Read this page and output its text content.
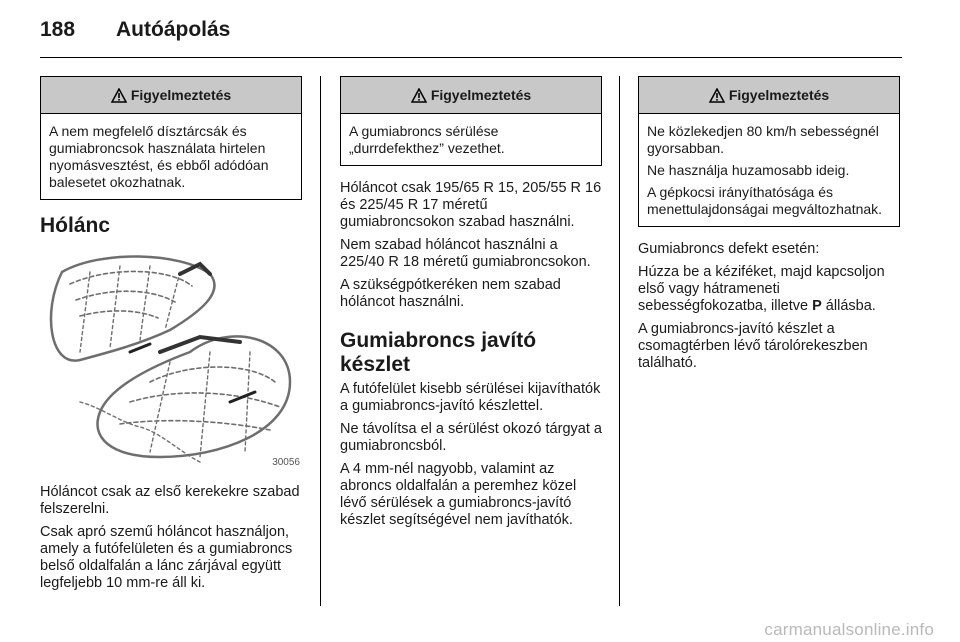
188 Autóápolás
Figyelmeztetés

A nem megfelelő dísztárcsák és gumiabroncsok használata hirtelen nyomásvesztést, és ebből adódóan balesetet okozhatnak.

Hólánc
30056

Hóláncot csak az első kerekekre szabad felszerelni.

Csak apró szemű hóláncot használjon, amely a futófelületen és a gumiabroncs belső oldalfalán a lánc zárjával együtt legfeljebb 10 mm-re áll ki.

Figyelmeztetés

A gumiabroncs sérülése „durrdefekthez” vezethet.

Hóláncot csak 195/65 R 15, 205/55 R 16 és 225/45 R 17 méretű gumiabroncsokon szabad használni.

Nem szabad hóláncot használni a 225/40 R 18 méretű gumiabroncsokon.

A szükségpótkeréken nem szabad hóláncot használni.

Gumiabroncs javító készlet

A futófelület kisebb sérülései kijavíthatók a gumiabroncs-javító készlettel.

Ne távolítsa el a sérülést okozó tárgyat a gumiabroncsból.

A 4 mm-nél nagyobb, valamint az abroncs oldalfalán a peremhez közel lévő sérülések a gumiabroncs-javító készlet segítségével nem javíthatók.

Figyelmeztetés

Ne közlekedjen 80 km/h sebességnél gyorsabban.

Ne használja huzamosabb ideig.

A gépkocsi irányíthatósága és menettulajdonságai megváltozhatnak.

Gumiabroncs defekt esetén:

Húzza be a kéziféket, majd kapcsoljon első vagy hátrameneti sebességfokozatba, illetve P állásba.

A gumiabroncs-javító készlet a csomagtérben lévő tárolórekeszben található.

carmanualsonline.info
